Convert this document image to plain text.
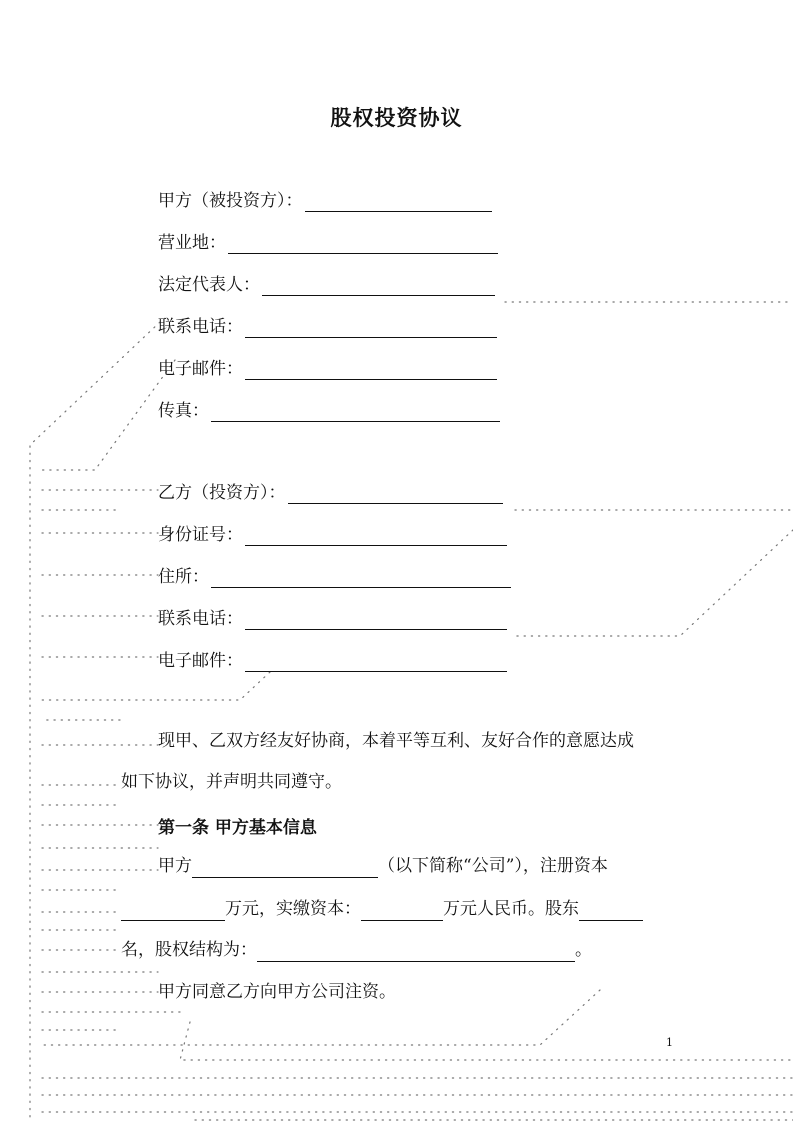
股权投资协议
甲方（被投资方）：
营业地：
法定代表人：
联系电话：
电子邮件：
传真：
乙方（投资方）：
身份证号：
住所：
联系电话：
电子邮件：
现甲、乙双方经友好协商，本着平等互利、友好合作的意愿达成
如下协议，并声明共同遵守。
第一条 甲方基本信息
甲方	（以下简称“公司”），注册资本
万元，实缴资本：	万元人民币。股东
名，股权结构为：	。
甲方同意乙方向甲方公司注资。
1
